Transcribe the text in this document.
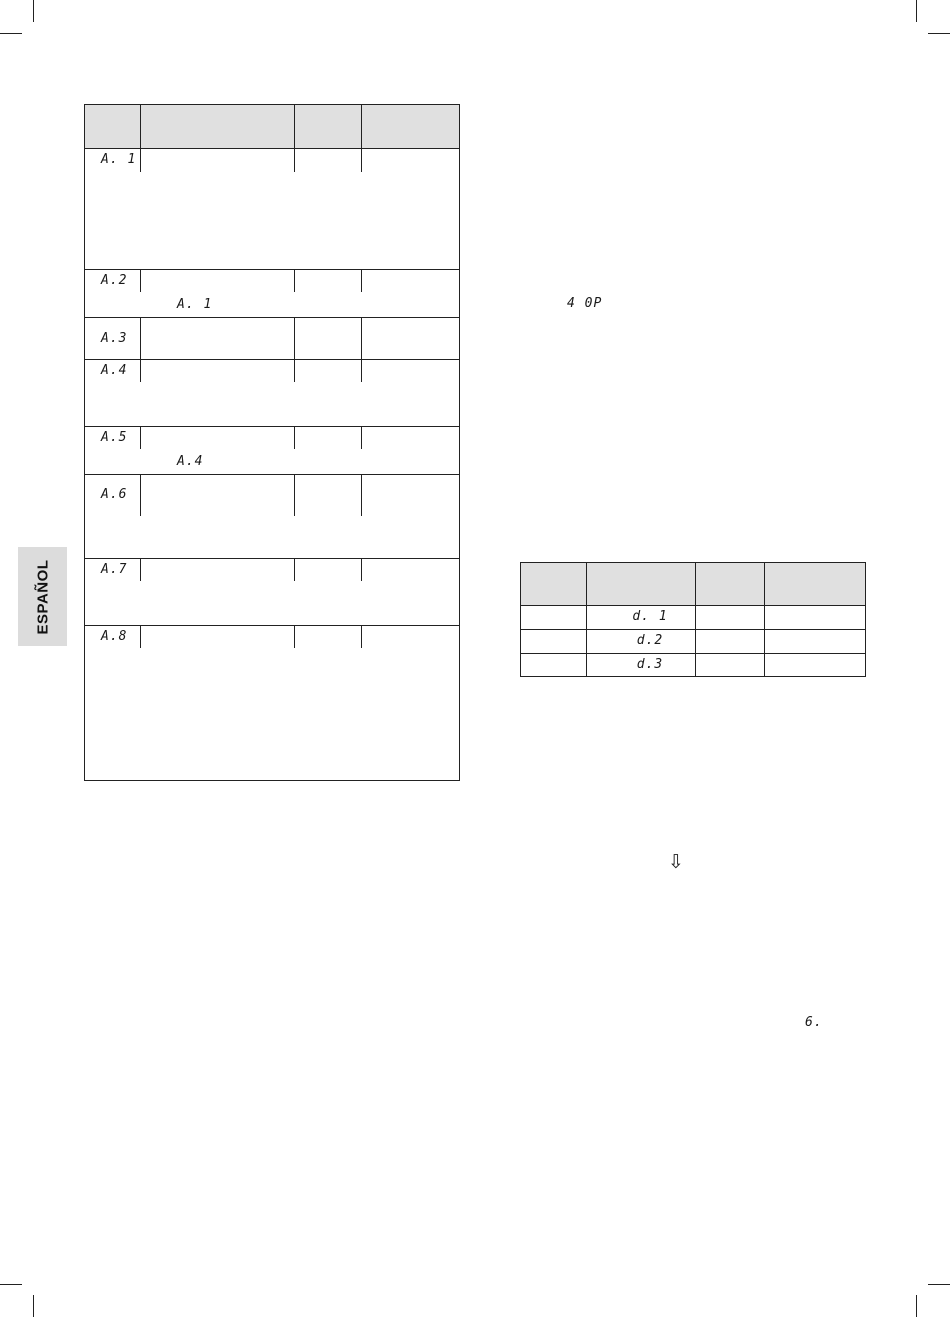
ESPAÑOL
A. 1
A.2
A. 1
A.3
A.4
A.5
A.4
A.6
A.7
A.8
4 0P
d. 1
d.2
d.3
⇩
6.
